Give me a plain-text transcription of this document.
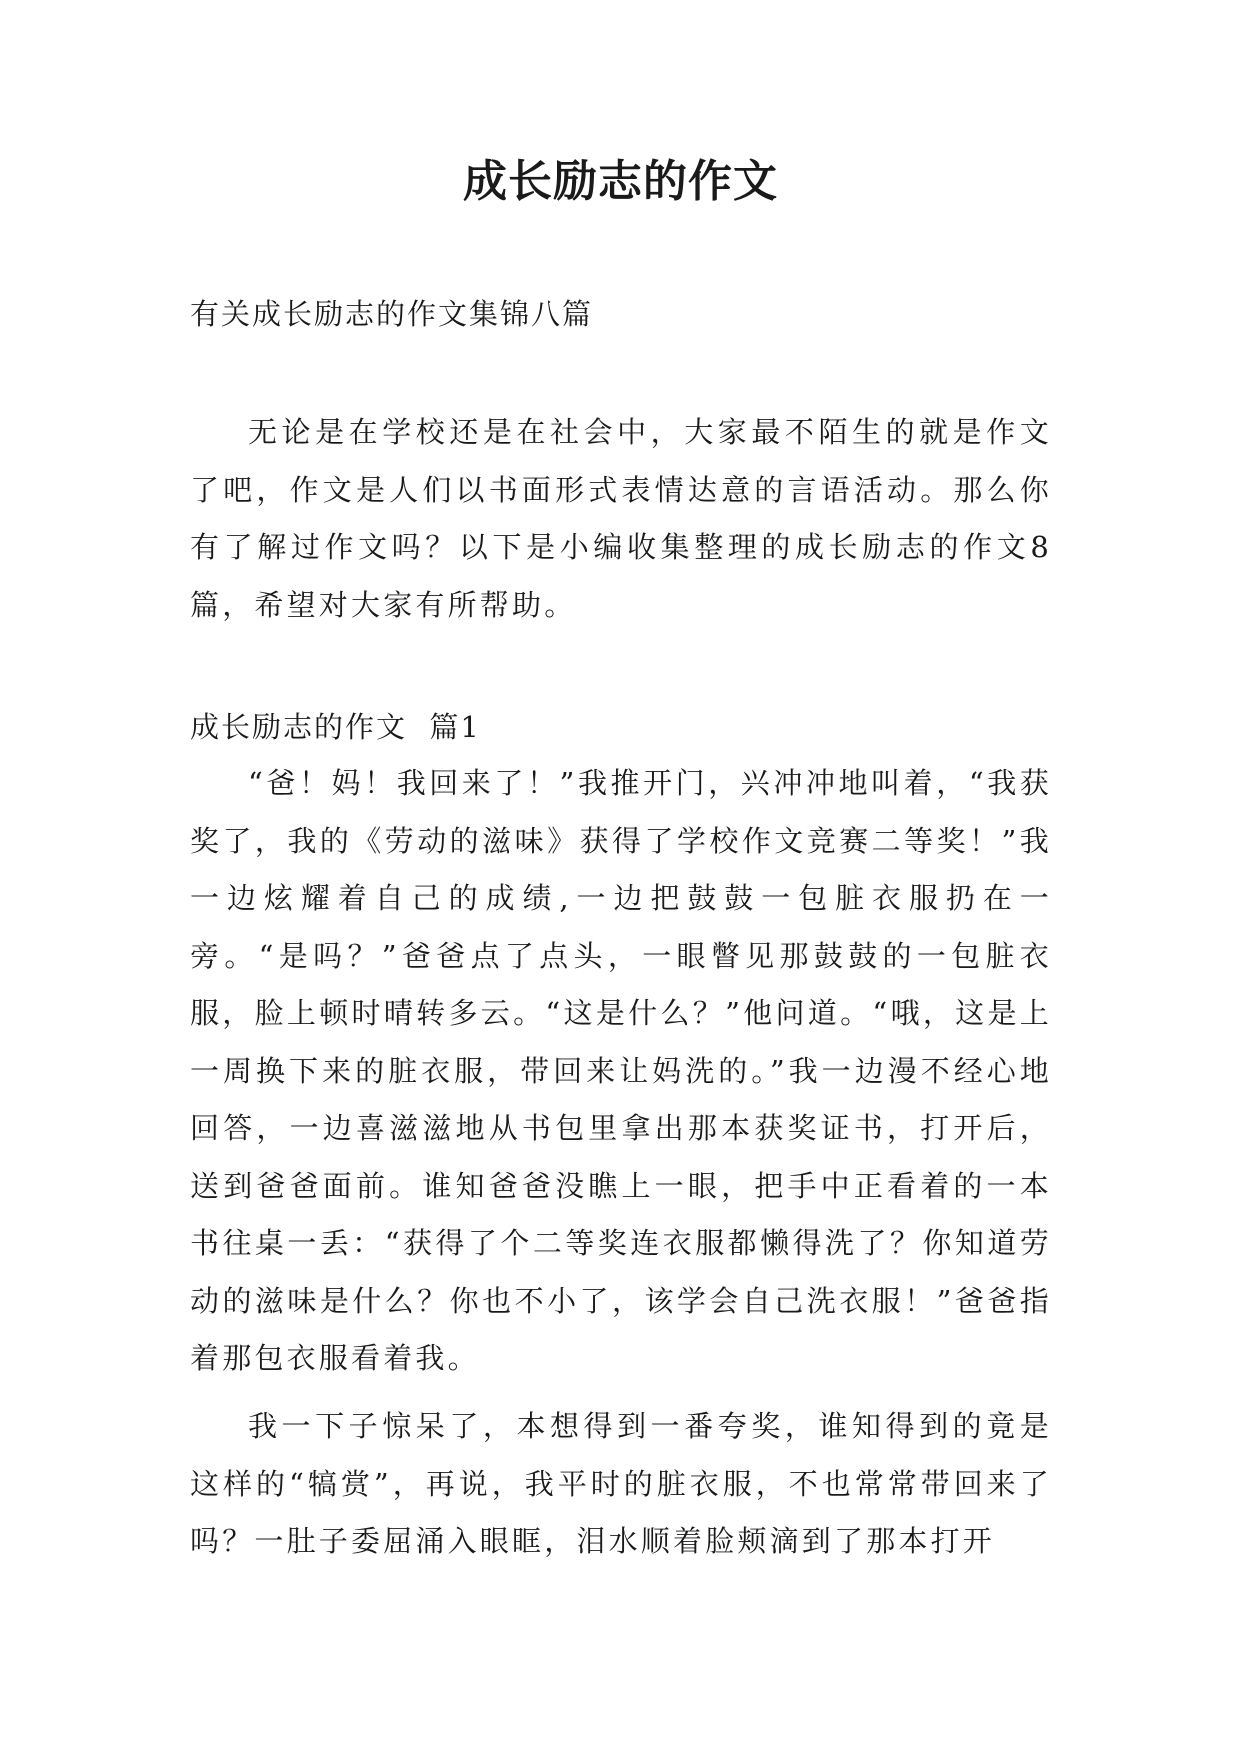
成长励志的作文
有关成长励志的作文集锦八篇

无论是在学校还是在社会中，大家最不陌生的就是作文了吧，作文是人们以书面形式表情达意的言语活动。那么你有了解过作文吗？以下是小编收集整理的成长励志的作文8篇，希望对大家有所帮助。

成长励志的作文  篇1

“爸！妈！我回来了！”我推开门，兴冲冲地叫着，“我获奖了，我的《劳动的滋味》获得了学校作文竞赛二等奖！”我一边炫耀着自己的成绩,一边把鼓鼓一包脏衣服扔在一旁。“是吗？”爸爸点了点头，一眼瞥见那鼓鼓的一包脏衣服，脸上顿时晴转多云。“这是什么？”他问道。“哦，这是上一周换下来的脏衣服，带回来让妈洗的。”我一边漫不经心地回答，一边喜滋滋地从书包里拿出那本获奖证书，打开后，送到爸爸面前。谁知爸爸没瞧上一眼，把手中正看着的一本书往桌一丢：“获得了个二等奖连衣服都懒得洗了？你知道劳动的滋味是什么？你也不小了，该学会自己洗衣服！”爸爸指着那包衣服看着我。

我一下子惊呆了，本想得到一番夸奖，谁知得到的竟是这样的“犒赏”，再说，我平时的脏衣服，不也常常带回来了吗？一肚子委屈涌入眼眶，泪水顺着脸颊滴到了那本打开
